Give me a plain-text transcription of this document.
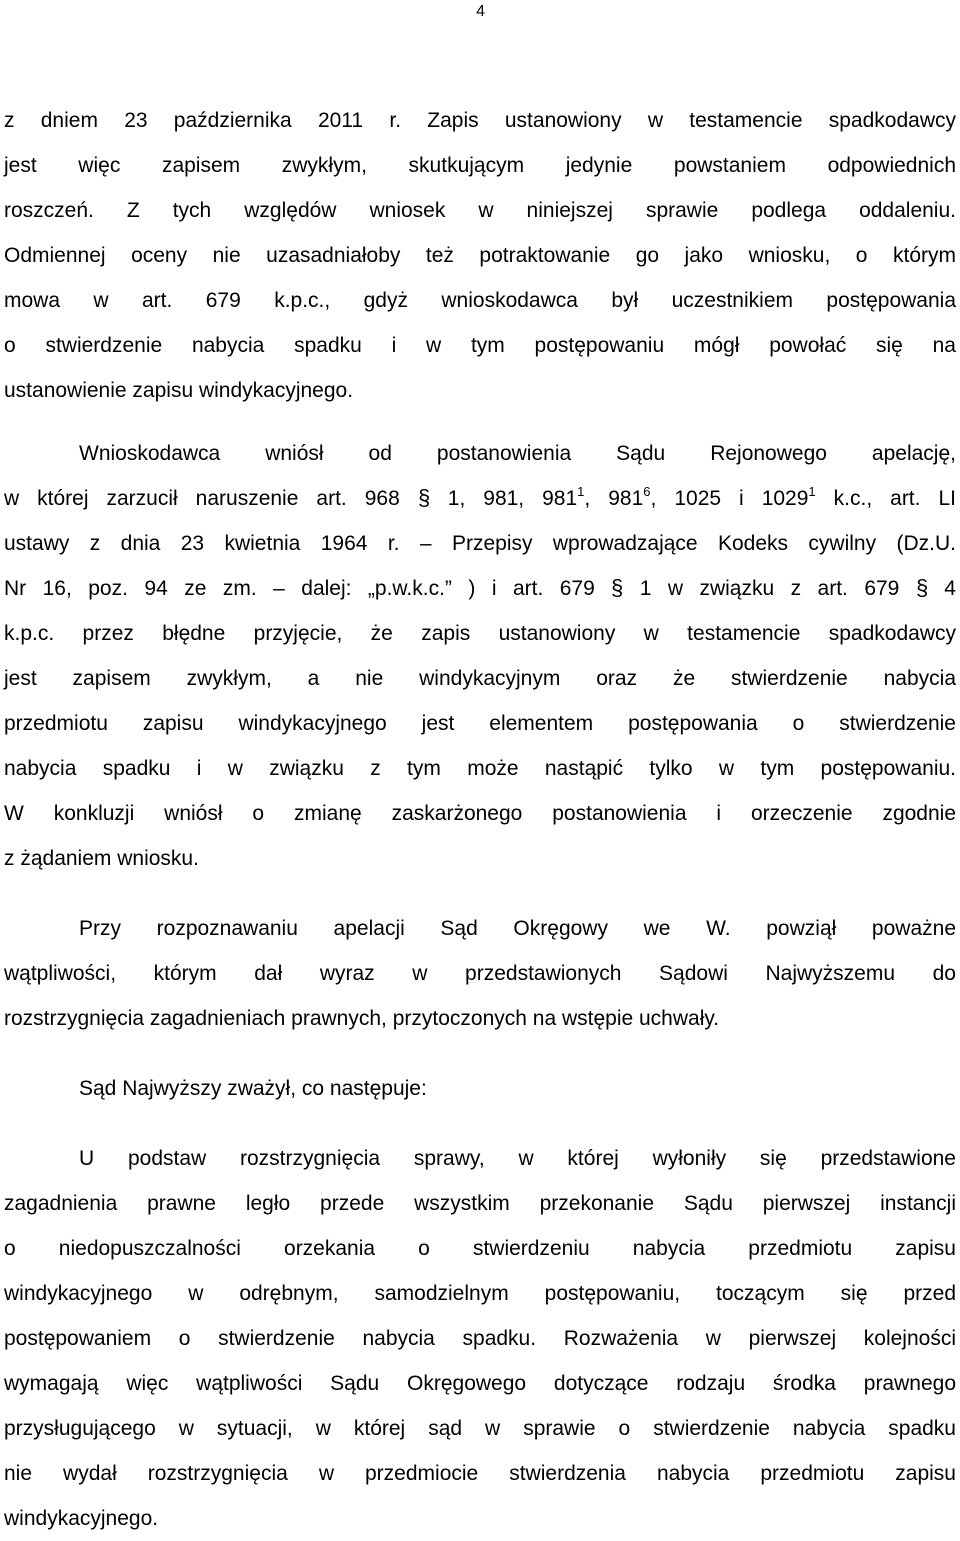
4
z dniem 23 października 2011 r. Zapis ustanowiony w testamencie spadkodawcy
jest więc zapisem zwykłym, skutkującym jedynie powstaniem odpowiednich
roszczeń. Z tych względów wniosek w niniejszej sprawie podlega oddaleniu.
Odmiennej oceny nie uzasadniałoby też potraktowanie go jako wniosku, o którym
mowa w art. 679 k.p.c., gdyż wnioskodawca był uczestnikiem postępowania
o stwierdzenie nabycia spadku i w tym postępowaniu mógł powołać się na
ustanowienie zapisu windykacyjnego.
Wnioskodawca wniósł od postanowienia Sądu Rejonowego apelację,
w której zarzucił naruszenie art. 968 § 1, 981, $981^1$, $981^6$, 1025 i 1029$^1$ k.c., art. LI
ustawy z dnia 23 kwietnia 1964 r. – Przepisy wprowadzające Kodeks cywilny (Dz.U.
Nr 16, poz. 94 ze zm. – dalej: „p.w.k.c.” ) i art. 679 § 1 w związku z art. 679 § 4
k.p.c. przez błędne przyjęcie, że zapis ustanowiony w testamencie spadkodawcy
jest zapisem zwykłym, a nie windykacyjnym oraz że stwierdzenie nabycia
przedmiotu zapisu windykacyjnego jest elementem postępowania o stwierdzenie
nabycia spadku i w związku z tym może nastąpić tylko w tym postępowaniu.
W konkluzji wniósł o zmianę zaskarżonego postanowienia i orzeczenie zgodnie
z żądaniem wniosku.
Przy rozpoznawaniu apelacji Sąd Okręgowy we W. powziął poważne
wątpliwości, którym dał wyraz w przedstawionych Sądowi Najwyższemu do
rozstrzygnięcia zagadnieniach prawnych, przytoczonych na wstępie uchwały.
Sąd Najwyższy zważył, co następuje:
U podstaw rozstrzygnięcia sprawy, w której wyłoniły się przedstawione
zagadnienia prawne legło przede wszystkim przekonanie Sądu pierwszej instancji
o niedopuszczalności orzekania o stwierdzeniu nabycia przedmiotu zapisu
windykacyjnego w odrębnym, samodzielnym postępowaniu, toczącym się przed
postępowaniem o stwierdzenie nabycia spadku. Rozważenia w pierwszej kolejności
wymagają więc wątpliwości Sądu Okręgowego dotyczące rodzaju środka prawnego
przysługującego w sytuacji, w której sąd w sprawie o stwierdzenie nabycia spadku
nie wydał rozstrzygnięcia w przedmiocie stwierdzenia nabycia przedmiotu zapisu
windykacyjnego.
